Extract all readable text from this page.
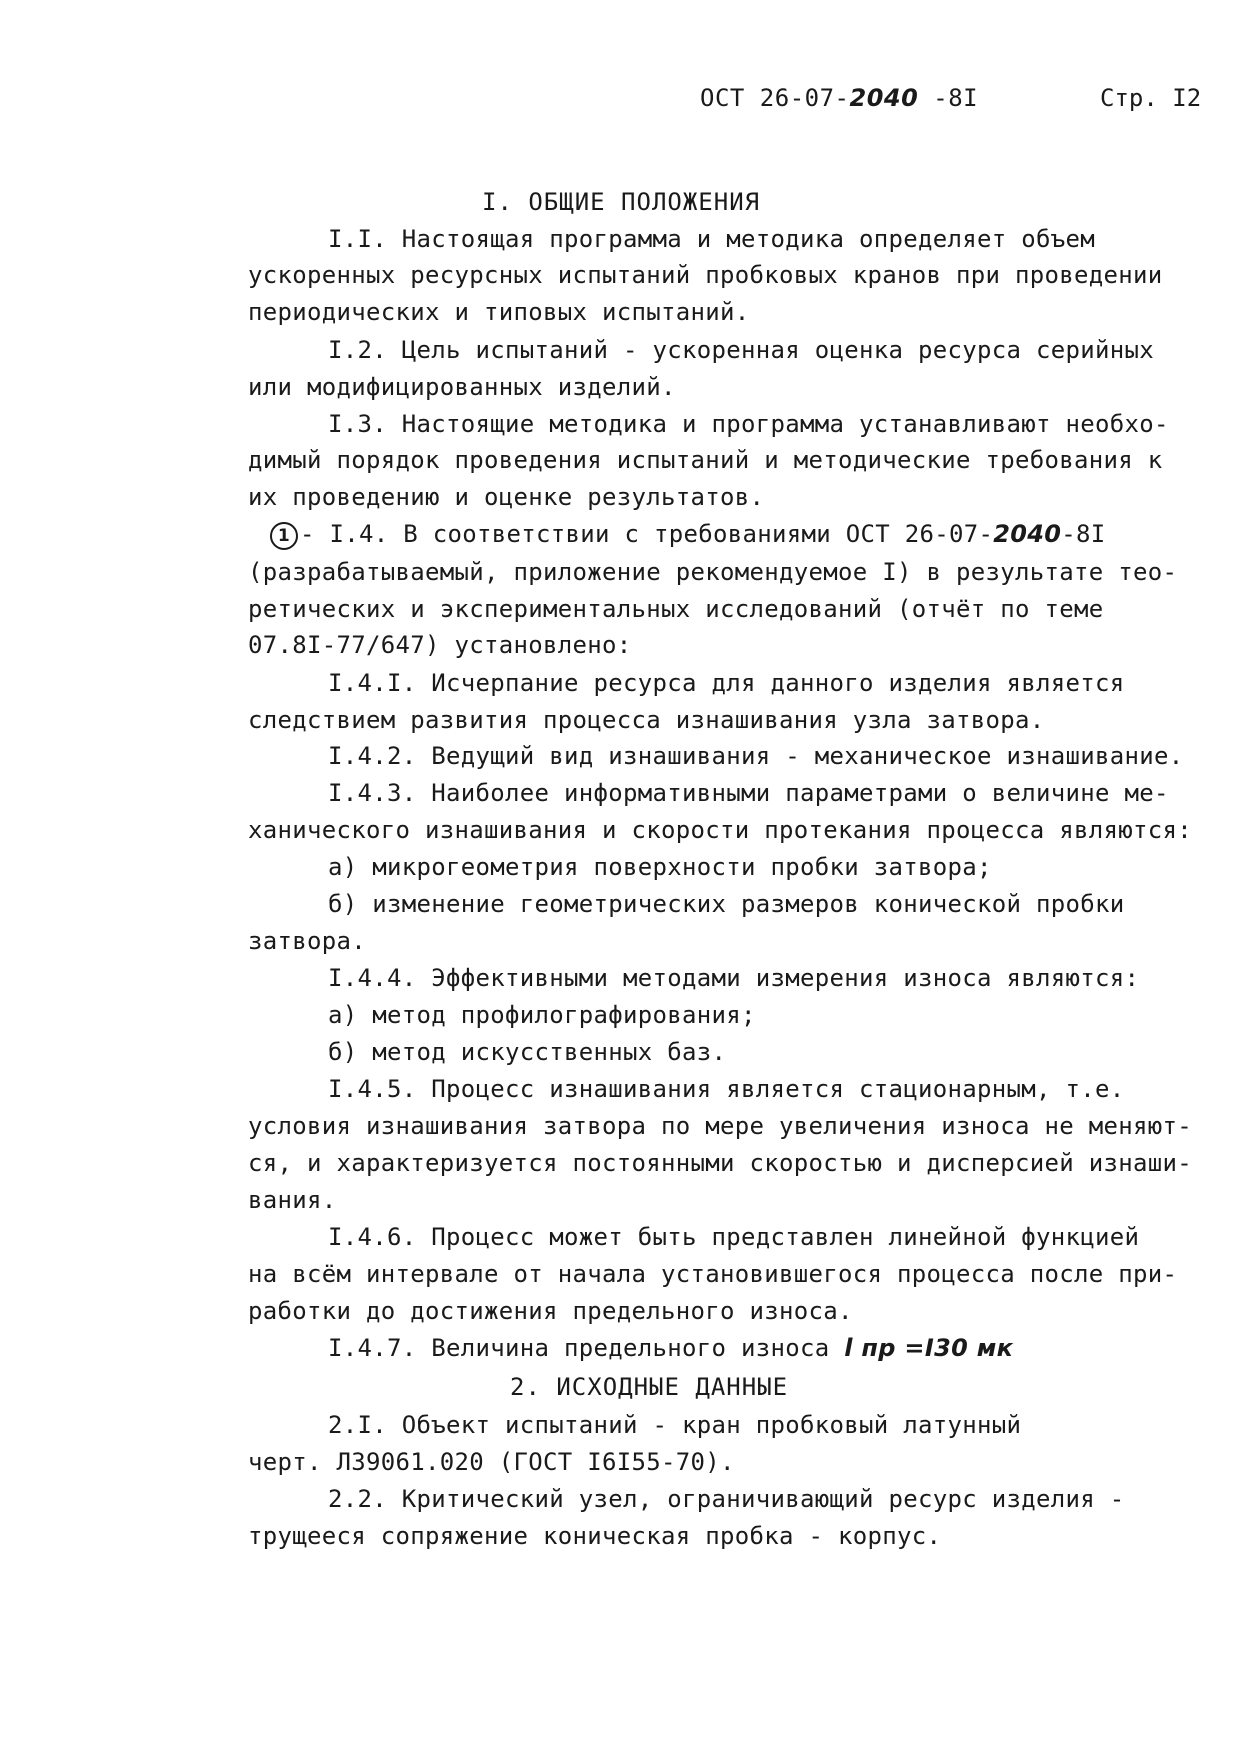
ОСТ 26-07-2040 -8I	Стр. I2
I. ОБЩИЕ ПОЛОЖЕНИЯ
I.I. Настоящая программа и методика определяет объем
ускоренных ресурсных испытаний пробковых кранов при проведении
периодических и типовых испытаний.
I.2. Цель испытаний - ускоренная оценка ресурса серийных
или модифицированных изделий.
I.3. Настоящие методика и программа устанавливают необхо-
димый порядок проведения испытаний и методические требования к
их проведению и оценке результатов.
(разрабатываемый, приложение рекомендуемое I) в результате тео-
ретических и экспериментальных исследований (отчёт по теме
07.8I-77/647) установлено:
I.4.I. Исчерпание ресурса для данного изделия является
следствием развития процесса изнашивания узла затвора.
I.4.2. Ведущий вид изнашивания - механическое изнашивание.
I.4.3. Наиболее информативными параметрами о величине ме-
ханического изнашивания и скорости протекания процесса являются:
а) микрогеометрия поверхности пробки затвора;
б) изменение геометрических размеров конической пробки
затвора.
I.4.4. Эффективными методами измерения износа являются:
а) метод профилографирования;
б) метод искусственных баз.
I.4.5. Процесс изнашивания является стационарным, т.е.
условия изнашивания затвора по мере увеличения износа не меняют-
ся, и характеризуется постоянными скоростью и дисперсией изнаши-
вания.
I.4.6. Процесс может быть представлен линейной функцией
на всём интервале от начала установившегося процесса после при-
работки до достижения предельного износа.
2. ИСХОДНЫЕ ДАННЫЕ
2.I. Объект испытаний - кран пробковый латунный
черт. Л39061.020 (ГОСТ I6I55-70).
2.2. Критический узел, ограничивающий ресурс изделия -
трущееся сопряжение коническая пробка - корпус.
1 - I.4. В соответствии с требованиями ОСТ 26-07-2040-8I
I.4.7. Величина предельного износа l пр =I30 мк
